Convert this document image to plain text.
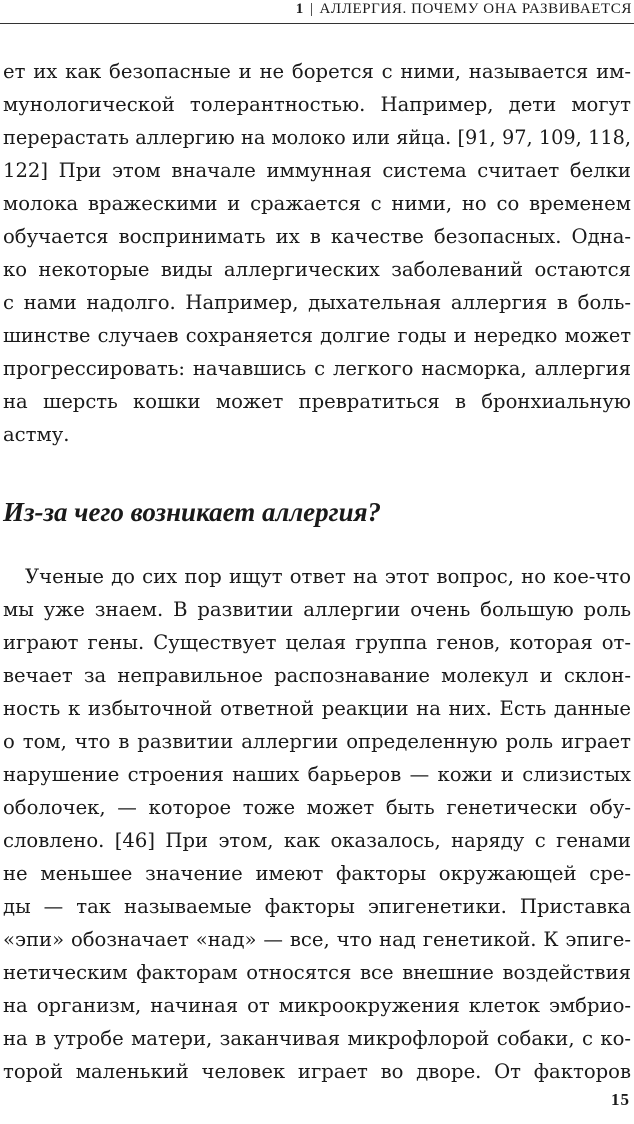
1 | АЛЛЕРГИЯ. ПОЧЕМУ ОНА РАЗВИВАЕТСЯ
ет их как безопасные и не борется с ними, называется им-
мунологической толерантностью. Например, дети могут
перерастать аллергию на молоко или яйца. [91, 97, 109, 118,
122] При этом вначале иммунная система считает белки
молока вражескими и сражается с ними, но со временем
обучается воспринимать их в качестве безопасных. Одна-
ко некоторые виды аллергических заболеваний остаются
с нами надолго. Например, дыхательная аллергия в боль-
шинстве случаев сохраняется долгие годы и нередко может
прогрессировать: начавшись с легкого насморка, аллергия
на шерсть кошки может превратиться в бронхиальную
астму.
Из-за чего возникает аллергия?
Ученые до сих пор ищут ответ на этот вопрос, но кое-что
мы уже знаем. В развитии аллергии очень большую роль
играют гены. Существует целая группа генов, которая от-
вечает за неправильное распознавание молекул и склон-
ность к избыточной ответной реакции на них. Есть данные
о том, что в развитии аллергии определенную роль играет
нарушение строения наших барьеров — кожи и слизистых
оболочек, — которое тоже может быть генетически обу-
словлено. [46] При этом, как оказалось, наряду с генами
не меньшее значение имеют факторы окружающей сре-
ды — так называемые факторы эпигенетики. Приставка
«эпи» обозначает «над» — все, что над генетикой. К эпиге-
нетическим факторам относятся все внешние воздействия
на организм, начиная от микроокружения клеток эмбрио-
на в утробе матери, заканчивая микрофлорой собаки, с ко-
торой маленький человек играет во дворе. От факторов
15
